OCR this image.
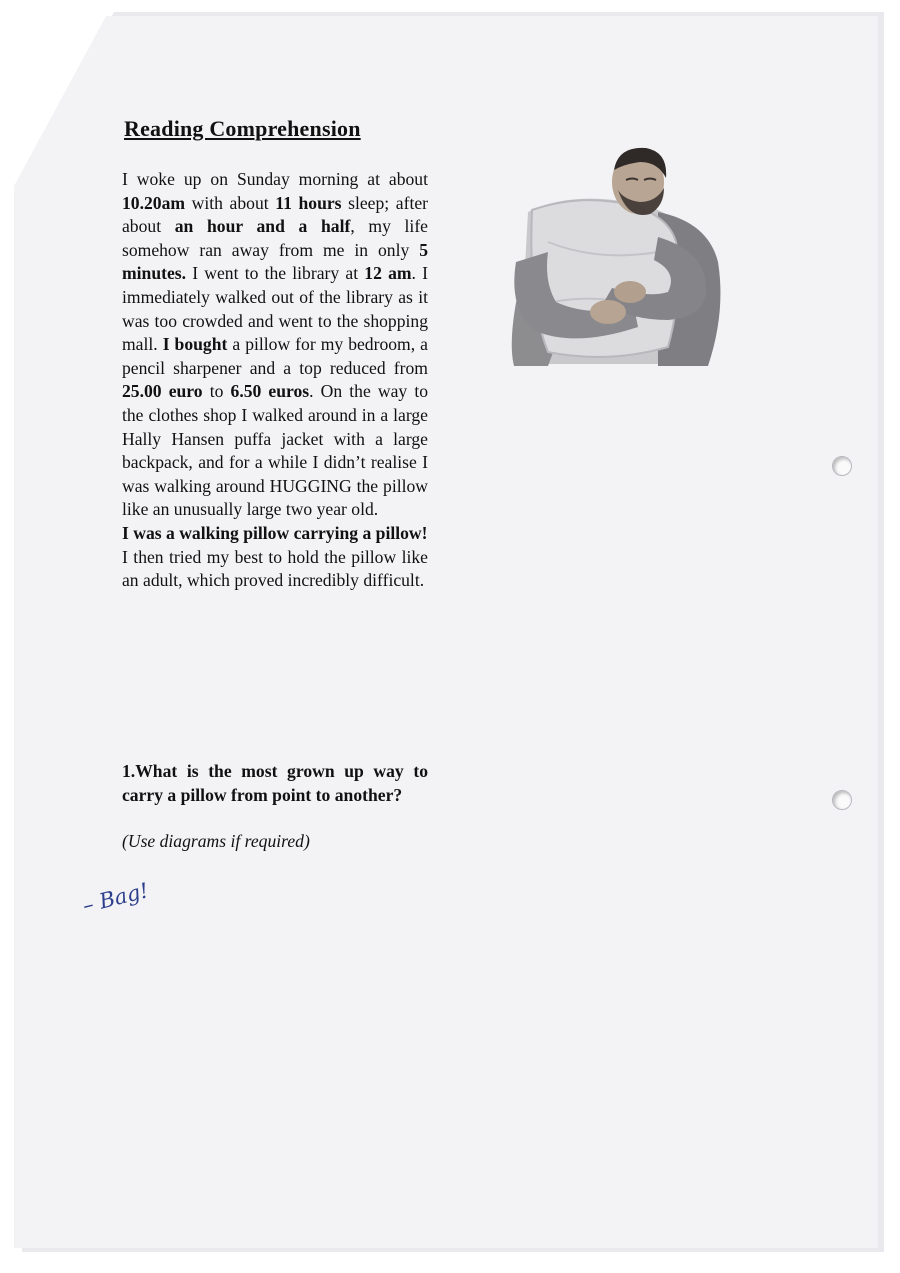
Reading Comprehension

I woke up on Sunday morning at about 10.20am with about 11 hours sleep; after about an hour and a half, my life somehow ran away from me in only 5 minutes. I went to the library at 12 am. I immediately walked out of the library as it was too crowded and went to the shopping mall. I bought a pillow for my bedroom, a pencil sharpener and a top reduced from 25.00 euro to 6.50 euros. On the way to the clothes shop I walked around in a large Hally Hansen puffa jacket with a large backpack, and for a while I didn’t realise I was walking around HUGGING the pillow like an unusually large two year old.

I was a walking pillow carrying a pillow!

I then tried my best to hold the pillow like an adult, which proved incredibly difficult.

1.What is the most grown up way to carry a pillow from point to another?

(Use diagrams if required)

– Bag!
